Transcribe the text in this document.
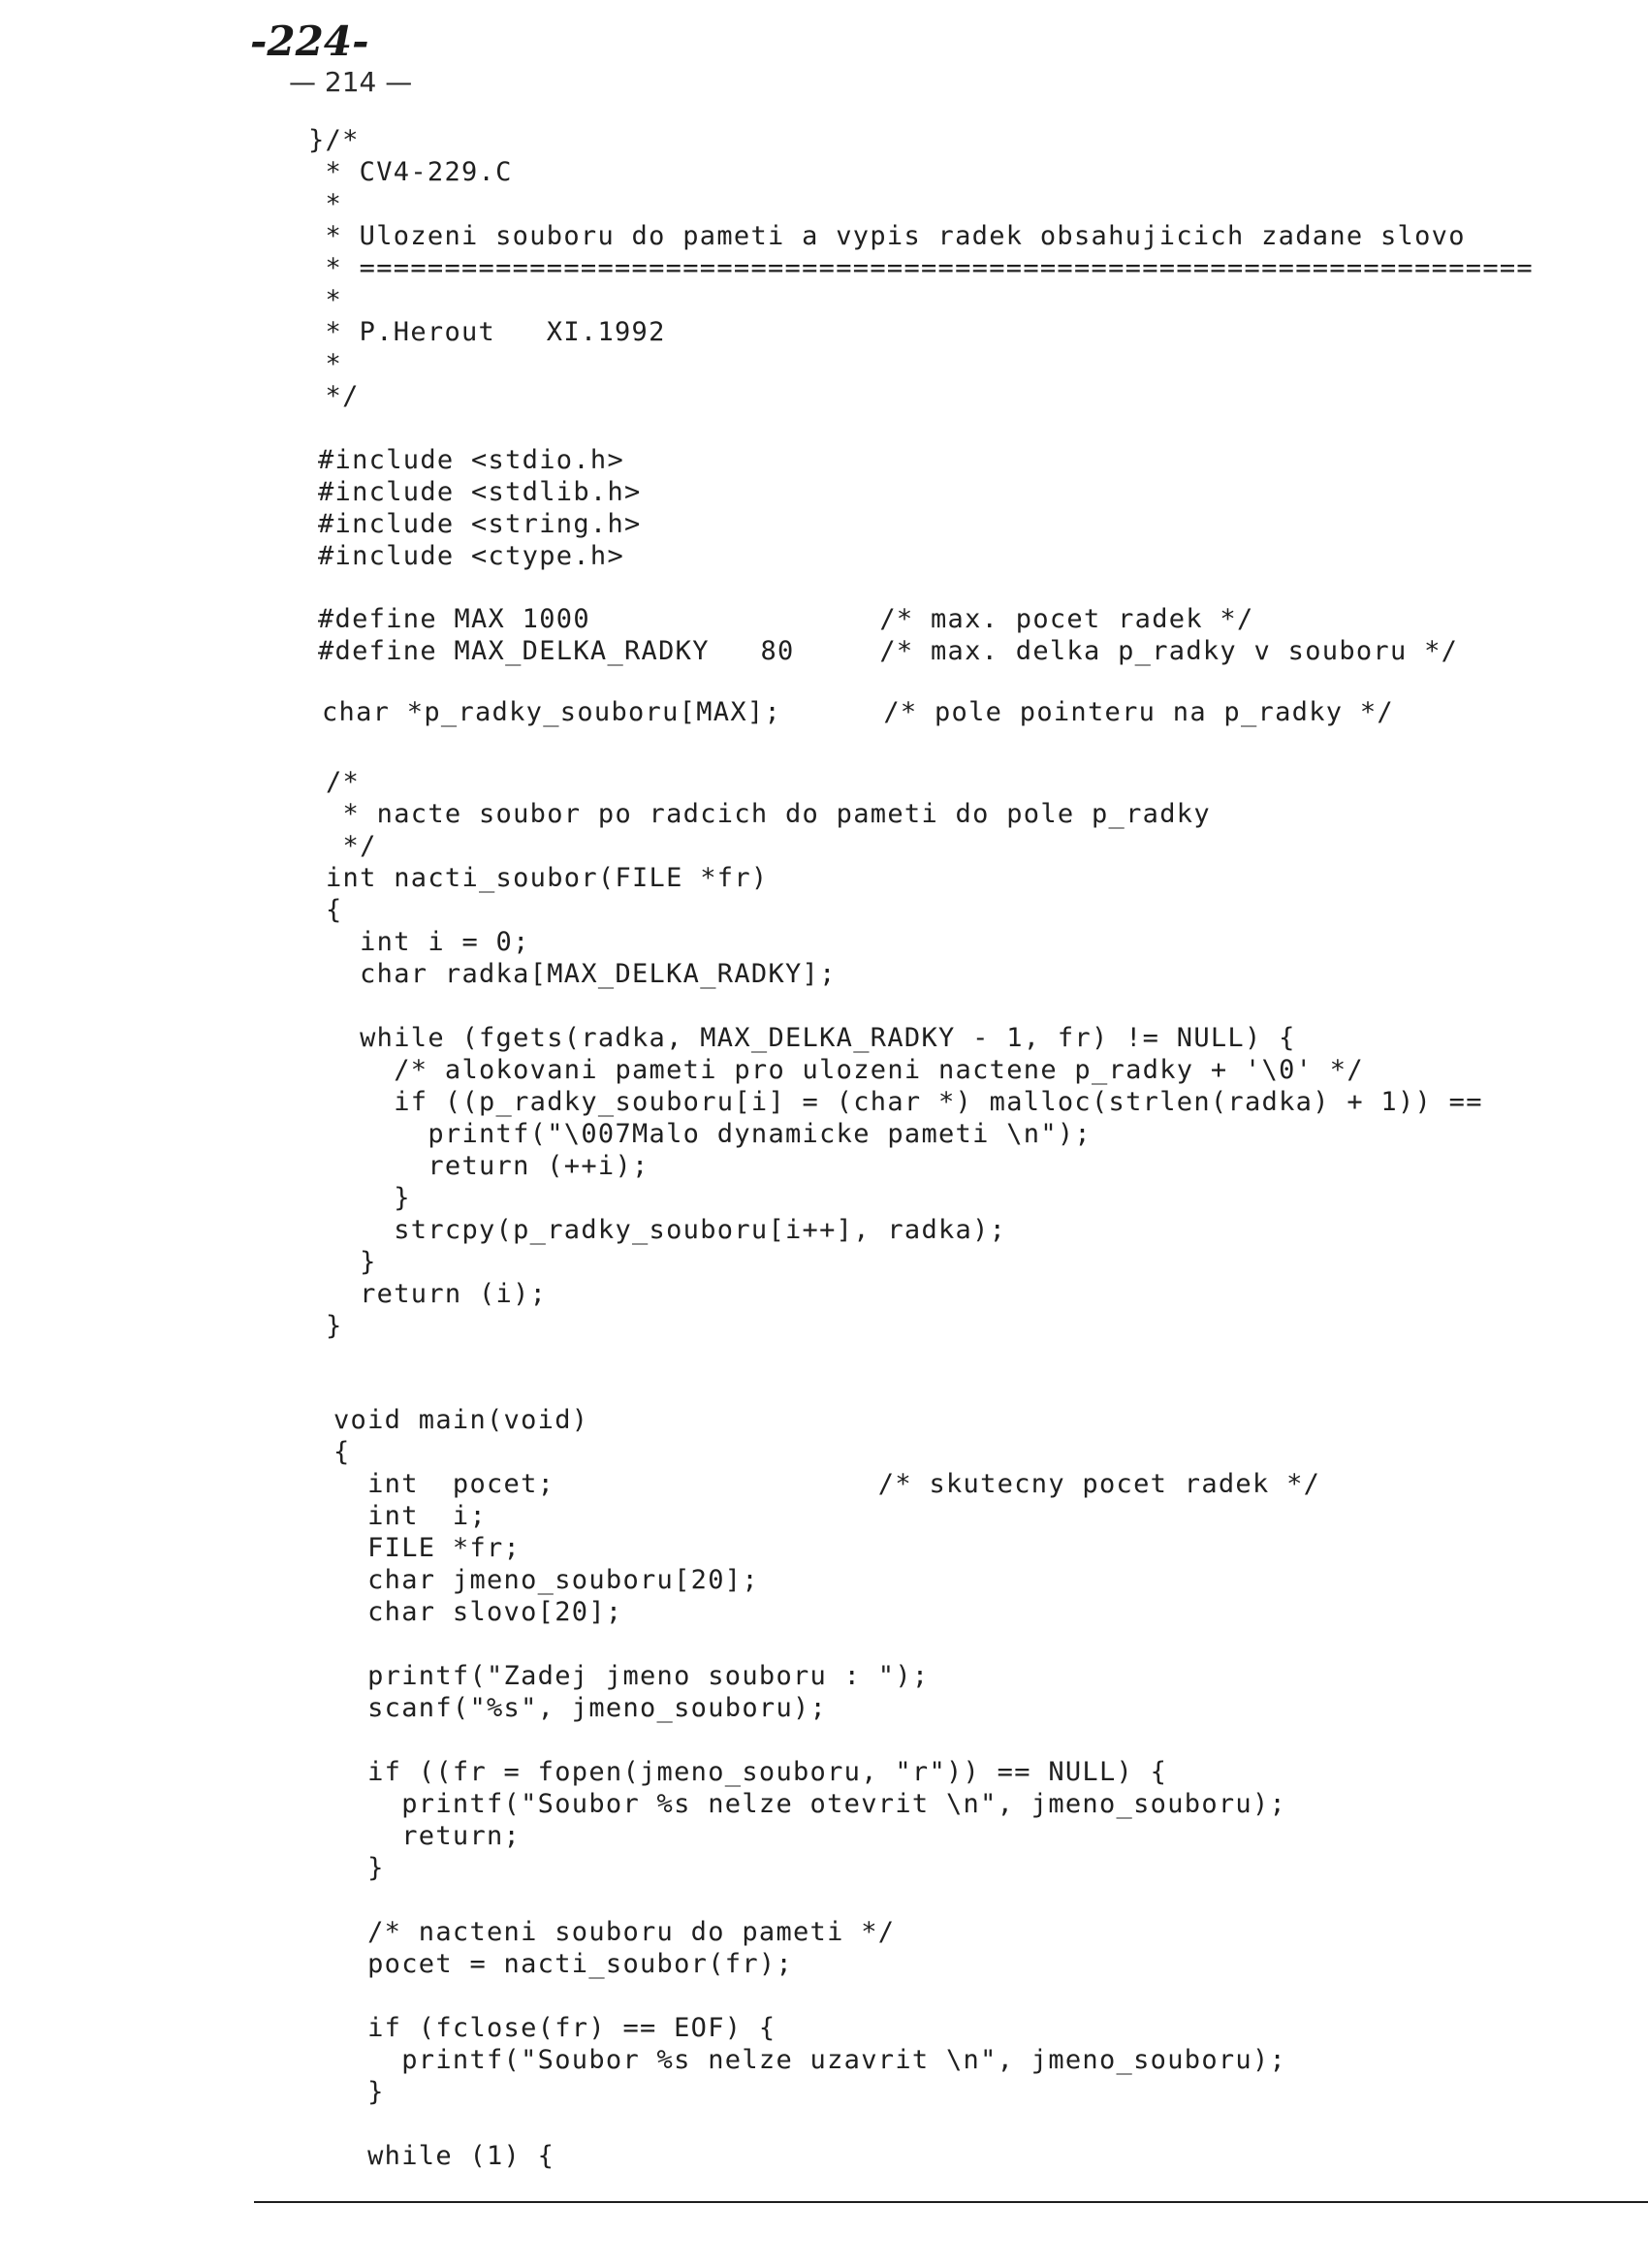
-224-
— 214 —
}/*
* CV4-229.C
*
* Ulozeni souboru do pameti a vypis radek obsahujicich zadane slovo
* =====================================================================
*
* P.Herout   XI.1992
*
*/
#include <stdio.h>
#include <stdlib.h>
#include <string.h>
#include <ctype.h>
#define MAX 1000                 /* max. pocet radek */
#define MAX_DELKA_RADKY   80     /* max. delka p_radky v souboru */
char *p_radky_souboru[MAX];      /* pole pointeru na p_radky */
/*
* nacte soubor po radcich do pameti do pole p_radky
*/
int nacti_soubor(FILE *fr)
{
int i = 0;
char radka[MAX_DELKA_RADKY];

while (fgets(radka, MAX_DELKA_RADKY - 1, fr) != NULL) {
/* alokovani pameti pro ulozeni nactene p_radky + '\0' */
if ((p_radky_souboru[i] = (char *) malloc(strlen(radka) + 1)) ==
printf("\007Malo dynamicke pameti \n");
return (++i);
}
strcpy(p_radky_souboru[i++], radka);
}
return (i);
}
void main(void)
{
int  pocet;                   /* skutecny pocet radek */
int  i;
FILE *fr;
char jmeno_souboru[20];
char slovo[20];

printf("Zadej jmeno souboru : ");
scanf("%s", jmeno_souboru);

if ((fr = fopen(jmeno_souboru, "r")) == NULL) {
printf("Soubor %s nelze otevrit \n", jmeno_souboru);
return;
}

/* nacteni souboru do pameti */
pocet = nacti_soubor(fr);

if (fclose(fr) == EOF) {
printf("Soubor %s nelze uzavrit \n", jmeno_souboru);
}

while (1) {
